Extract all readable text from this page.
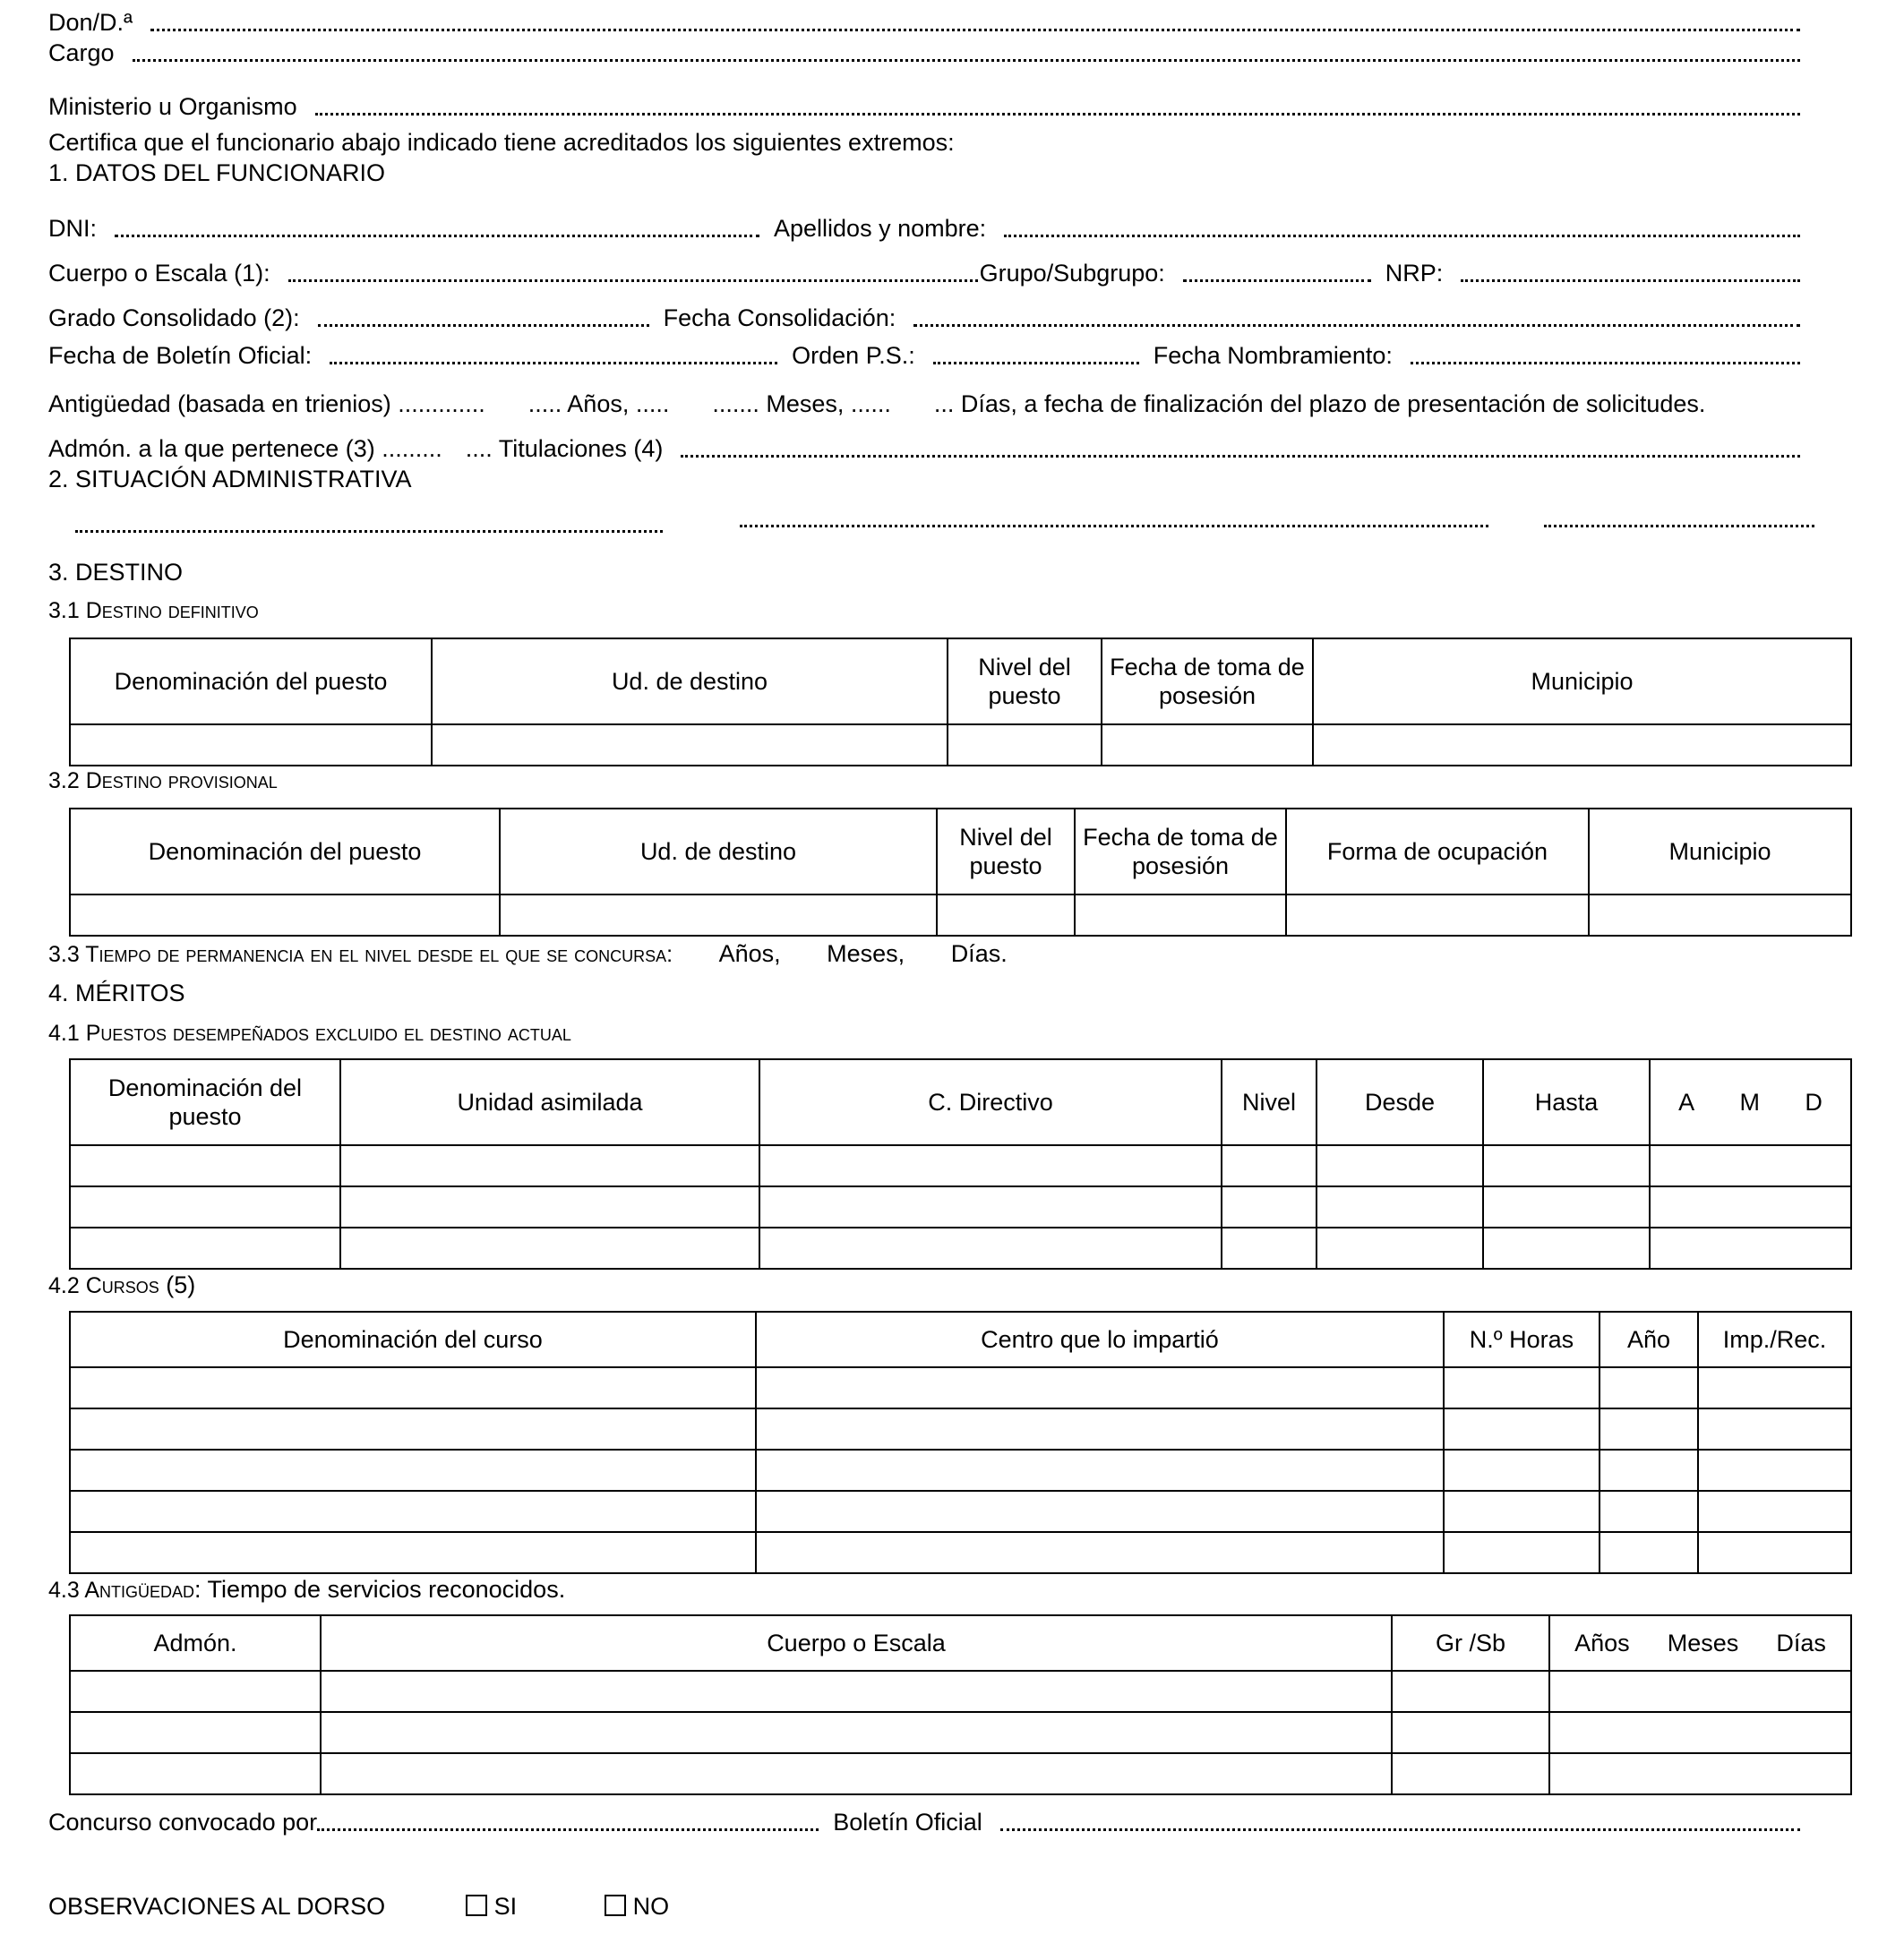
Don/D.ª
Cargo
Ministerio u Organismo
Certifica que el funcionario abajo indicado tiene acreditados los siguientes extremos:
1. DATOS DEL FUNCIONARIO
DNI:	Apellidos y nombre:
Cuerpo o Escala (1):	Grupo/Subgrupo:	NRP:
Grado Consolidado (2):	Fecha Consolidación:
Fecha de Boletín Oficial:	Orden P.S.:	Fecha Nombramiento:
Antigüedad (basada en trienios) ............. ..... Años, ..... ....... Meses, ...... ... Días, a fecha de finalización del plazo de presentación de solicitudes.
Admón. a la que pertenece (3) ......... .... Titulaciones (4)
2. SITUACIÓN ADMINISTRATIVA
3. DESTINO
3.1 Destino definitivo
Denominación del puesto	Ud. de destino	Nivel del puesto	Fecha de toma de posesión	Municipio

3.2 Destino provisional
Denominación del puesto	Ud. de destino	Nivel del puesto	Fecha de toma de posesión	Forma de ocupación	Municipio

3.3 Tiempo de permanencia en el nivel desde el que se concursa: Años, Meses, Días.
4. MÉRITOS
4.1 Puestos desempeñados excluido el destino actual
Denominación del puesto	Unidad asimilada	C. Directivo	Nivel	Desde	Hasta	A M D

4.2 Cursos (5)
Denominación del curso	Centro que lo impartió	N.º Horas	Año	Imp./Rec.

4.3 Antigüedad: Tiempo de servicios reconocidos.
Admón.	Cuerpo o Escala	Gr /Sb	Años Meses Días

Concurso convocado por	Boletín Oficial
OBSERVACIONES AL DORSO	SI	NO
